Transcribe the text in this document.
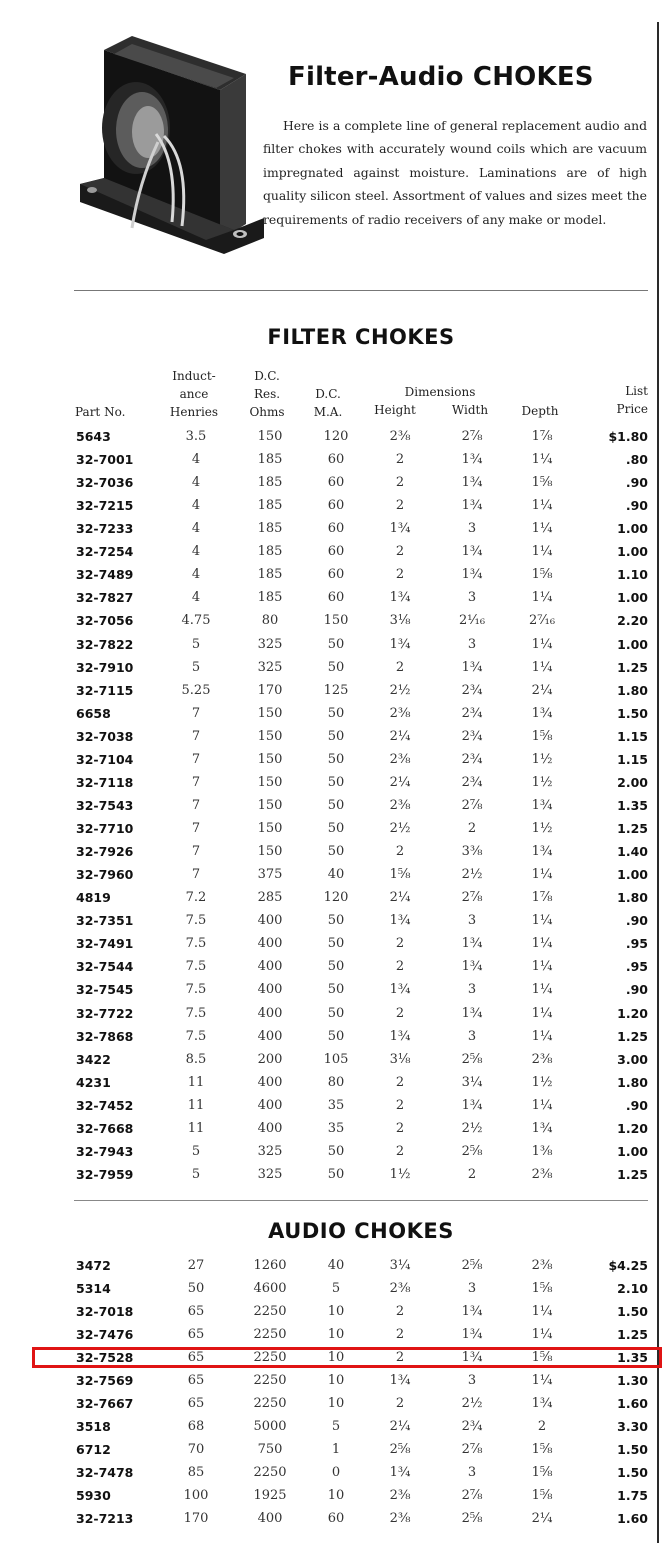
Filter-Audio CHOKES
Here is a complete line of general replacement audio and filter chokes with accurately wound coils which are vacuum impregnated against moisture. Laminations are of high quality silicon steel. Assortment of values and sizes meet the requirements of radio receivers of any make or model.
FILTER CHOKES
Part No.
Induct-
ance
Henries
D.C.
Res.
Ohms
D.C.
M.A.
Dimensions
Height	Width	Depth
List
Price
5643	3.5	150	120	2⅜	2⅞	1⅞	$1.80
32-7001	4	185	60	2	1¾	1¼	.80
32-7036	4	185	60	2	1¾	1⅝	.90
32-7215	4	185	60	2	1¾	1¼	.90
32-7233	4	185	60	1¾	3	1¼	1.00
32-7254	4	185	60	2	1¾	1¼	1.00
32-7489	4	185	60	2	1¾	1⅝	1.10
32-7827	4	185	60	1¾	3	1¼	1.00
32-7056	4.75	80	150	3⅛	2¹⁄₁₆	2⁷⁄₁₆	2.20
32-7822	5	325	50	1¾	3	1¼	1.00
32-7910	5	325	50	2	1¾	1¼	1.25
32-7115	5.25	170	125	2½	2¾	2¼	1.80
6658	7	150	50	2⅜	2¾	1¾	1.50
32-7038	7	150	50	2¼	2¾	1⅝	1.15
32-7104	7	150	50	2⅜	2¾	1½	1.15
32-7118	7	150	50	2¼	2¾	1½	2.00
32-7543	7	150	50	2⅜	2⅞	1¾	1.35
32-7710	7	150	50	2½	2	1½	1.25
32-7926	7	150	50	2	3⅜	1¾	1.40
32-7960	7	375	40	1⅝	2½	1¼	1.00
4819	7.2	285	120	2¼	2⅞	1⅞	1.80
32-7351	7.5	400	50	1¾	3	1¼	.90
32-7491	7.5	400	50	2	1¾	1¼	.95
32-7544	7.5	400	50	2	1¾	1¼	.95
32-7545	7.5	400	50	1¾	3	1¼	.90
32-7722	7.5	400	50	2	1¾	1¼	1.20
32-7868	7.5	400	50	1¾	3	1¼	1.25
3422	8.5	200	105	3⅛	2⅝	2⅜	3.00
4231	11	400	80	2	3¼	1½	1.80
32-7452	11	400	35	2	1¾	1¼	.90
32-7668	11	400	35	2	2½	1¾	1.20
32-7943	5	325	50	2	2⅝	1⅜	1.00
32-7959	5	325	50	1½	2	2⅜	1.25
AUDIO CHOKES
3472	27	1260	40	3¼	2⅝	2⅜	$4.25
5314	50	4600	5	2⅜	3	1⅝	2.10
32-7018	65	2250	10	2	1¾	1¼	1.50
32-7476	65	2250	10	2	1¾	1¼	1.25
32-7528	65	2250	10	2	1¾	1⅝	1.35
32-7569	65	2250	10	1¾	3	1¼	1.30
32-7667	65	2250	10	2	2½	1¾	1.60
3518	68	5000	5	2¼	2¾	2	3.30
6712	70	750	1	2⅝	2⅞	1⅝	1.50
32-7478	85	2250	0	1¾	3	1⅝	1.50
5930	100	1925	10	2⅜	2⅞	1⅝	1.75
32-7213	170	400	60	2⅜	2⅝	2¼	1.60
